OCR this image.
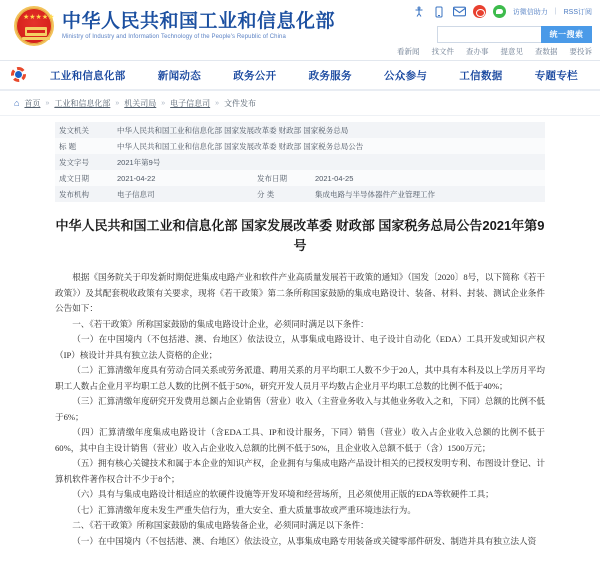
★★★★★ 中华人民共和国工业和信息化部
Ministry of Industry and Information Technology of the People's Republic of China
访微信助力 | RSS订阅
统一搜索
看新闻 找文件 查办事 提意见 查数据 要投诉
工业和信息化部	新闻动态	政务公开	政务服务	公众参与	工信数据	专题专栏
⌂ 首页 » 工业和信息化部 » 机关司局 » 电子信息司 » 文件发布
发文机关	中华人民共和国工业和信息化部 国家发展改革委 财政部 国家税务总局		
标 题	中华人民共和国工业和信息化部 国家发展改革委 财政部 国家税务总局公告		
发文字号	2021年第9号		
成文日期	2021-04-22	发布日期	2021-04-25
发布机构	电子信息司	分 类	集成电路与半导体器件产业管理工作
中华人民共和国工业和信息化部 国家发展改革委 财政部 国家税务总局公告2021年第9号

根据《国务院关于印发新时期促进集成电路产业和软件产业高质量发展若干政策的通知》（国发〔2020〕8号，以下简称《若干政策》）及其配套税收政策有关要求，现将《若干政策》第二条所称国家鼓励的集成电路设计、装备、材料、封装、测试企业条件公告如下：

一、《若干政策》所称国家鼓励的集成电路设计企业，必须同时满足以下条件：

（一）在中国境内（不包括港、澳、台地区）依法设立，从事集成电路设计、电子设计自动化（EDA）工具开发或知识产权（IP）核设计并具有独立法人资格的企业；

（二）汇算清缴年度具有劳动合同关系或劳务派遣、聘用关系的月平均职工人数不少于20人，其中具有本科及以上学历月平均职工人数占企业月平均职工总人数的比例不低于50%，研究开发人员月平均数占企业月平均职工总数的比例不低于40%；

（三）汇算清缴年度研究开发费用总额占企业销售（营业）收入（主营业务收入与其他业务收入之和，下同）总额的比例不低于6%；

（四）汇算清缴年度集成电路设计（含EDA工具、IP和设计服务，下同）销售（营业）收入占企业收入总额的比例不低于60%，其中自主设计销售（营业）收入占企业收入总额的比例不低于50%，且企业收入总额不低于（含）1500万元；

（五）拥有核心关键技术和属于本企业的知识产权，企业拥有与集成电路产品设计相关的已授权发明专利、布图设计登记、计算机软件著作权合计不少于8个；

（六）具有与集成电路设计相适应的软硬件设施等开发环境和经营场所，且必须使用正版的EDA等软硬件工具；

（七）汇算清缴年度未发生严重失信行为，重大安全、重大质量事故或严重环境违法行为。

二、《若干政策》所称国家鼓励的集成电路装备企业，必须同时满足以下条件：

（一）在中国境内（不包括港、澳、台地区）依法设立，从事集成电路专用装备或关键零部件研发、制造并具有独立法人资
